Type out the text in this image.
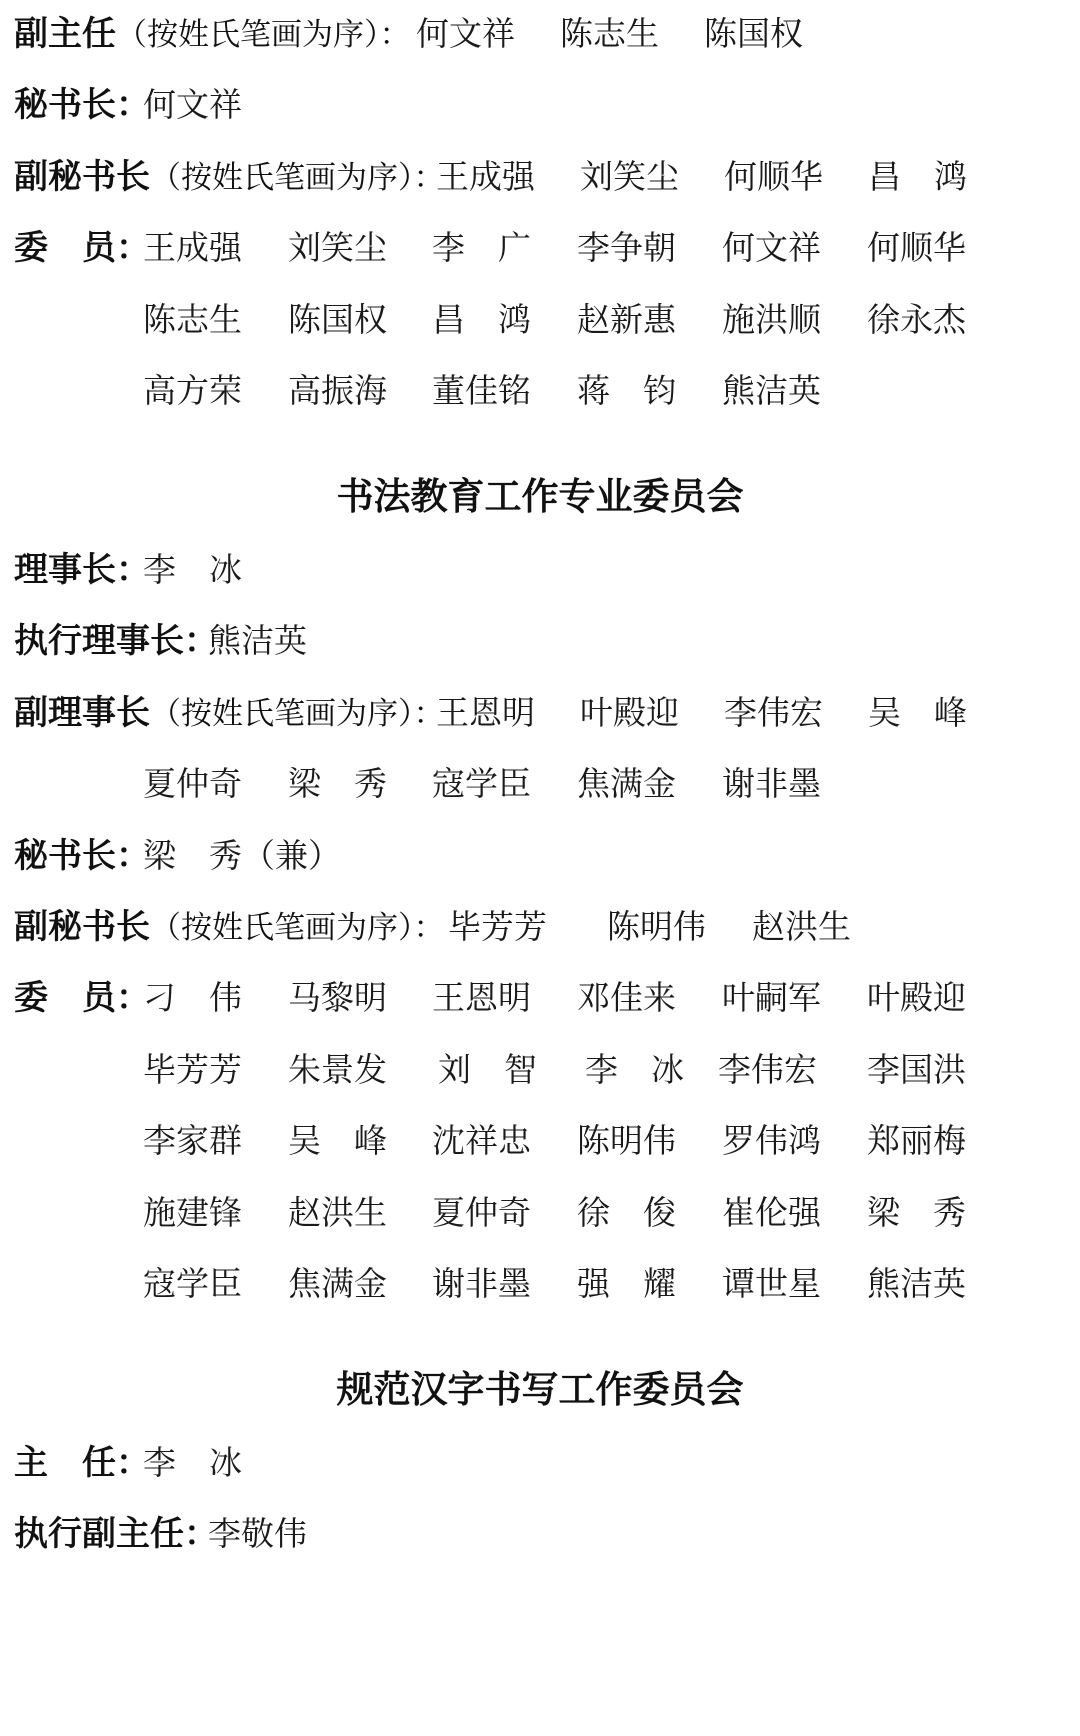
副主任（按姓氏笔画为序）： 何文祥 陈志生 陈国权
秘书长：
何文祥
副秘书长（按姓氏笔画为序）：
王成强 刘笑尘 何顺华 昌　鸿
委　员：
王成强 刘笑尘 李　广 李争朝 何文祥 何顺华
陈志生 陈国权 昌　鸿 赵新惠 施洪顺 徐永杰
高方荣 高振海 董佳铭 蒋　钧 熊洁英
书法教育工作专业委员会
理事长：
李　冰
执行理事长：
熊洁英
副理事长（按姓氏笔画为序）：
王恩明 叶殿迎 李伟宏 吴　峰
夏仲奇 梁　秀 寇学臣 焦满金 谢非墨
秘书长：
梁　秀（兼）
副秘书长（按姓氏笔画为序）： 毕芳芳 陈明伟 赵洪生
委　员：
刁　伟 马黎明 王恩明 邓佳来 叶嗣军 叶殿迎
毕芳芳 朱景发 刘　智 李　冰 李伟宏 李国洪
李家群 吴　峰 沈祥忠 陈明伟 罗伟鸿 郑丽梅
施建锋 赵洪生 夏仲奇 徐　俊 崔伦强 梁　秀
寇学臣 焦满金 谢非墨 强　耀 谭世星 熊洁英
规范汉字书写工作委员会
主　任：
李　冰
执行副主任：
李敬伟
